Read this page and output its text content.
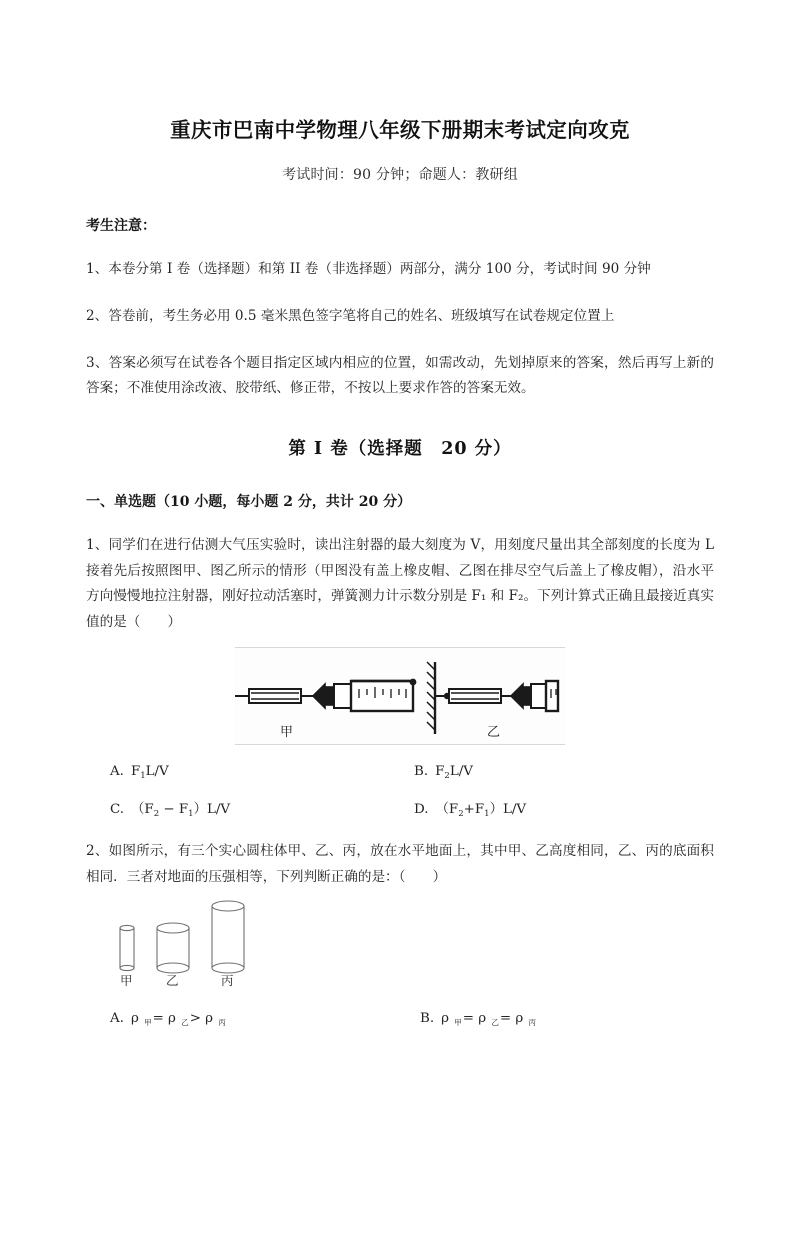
重庆市巴南中学物理八年级下册期末考试定向攻克
考试时间：90 分钟；命题人：教研组
考生注意：
1、本卷分第 I 卷（选择题）和第 II 卷（非选择题）两部分，满分 100 分，考试时间 90 分钟
2、答卷前，考生务必用 0.5 毫米黑色签字笔将自己的姓名、班级填写在试卷规定位置上
3、答案必须写在试卷各个题目指定区域内相应的位置，如需改动，先划掉原来的答案，然后再写上新的答案；不准使用涂改液、胶带纸、修正带，不按以上要求作答的答案无效。
第 I 卷（选择题　20 分）
一、单选题（10 小题，每小题 2 分，共计 20 分）
1、同学们在进行估测大气压实验时，读出注射器的最大刻度为 V，用刻度尺量出其全部刻度的长度为 L 接着先后按照图甲、图乙所示的情形（甲图没有盖上橡皮帽、乙图在排尽空气后盖上了橡皮帽），沿水平方向慢慢地拉注射器，刚好拉动活塞时，弹簧测力计示数分别是 F₁ 和 F₂。下列计算式正确且最接近真实值的是（　　）
甲	乙
A. $F_1L/V$	B. $F_2L/V$
C. $(F_2 - F_1)L/V$	D. $(F_2+F_1)L/V$
2、如图所示，有三个实心圆柱体甲、乙、丙，放在水平地面上，其中甲、乙高度相同，乙、丙的底面积相同．三者对地面的压强相等，下列判断正确的是：（　　）
甲	乙	丙
A. ρ $_甲$= ρ $_乙$> ρ $_丙$	B. ρ $_甲$= ρ $_乙$= ρ $_丙$
